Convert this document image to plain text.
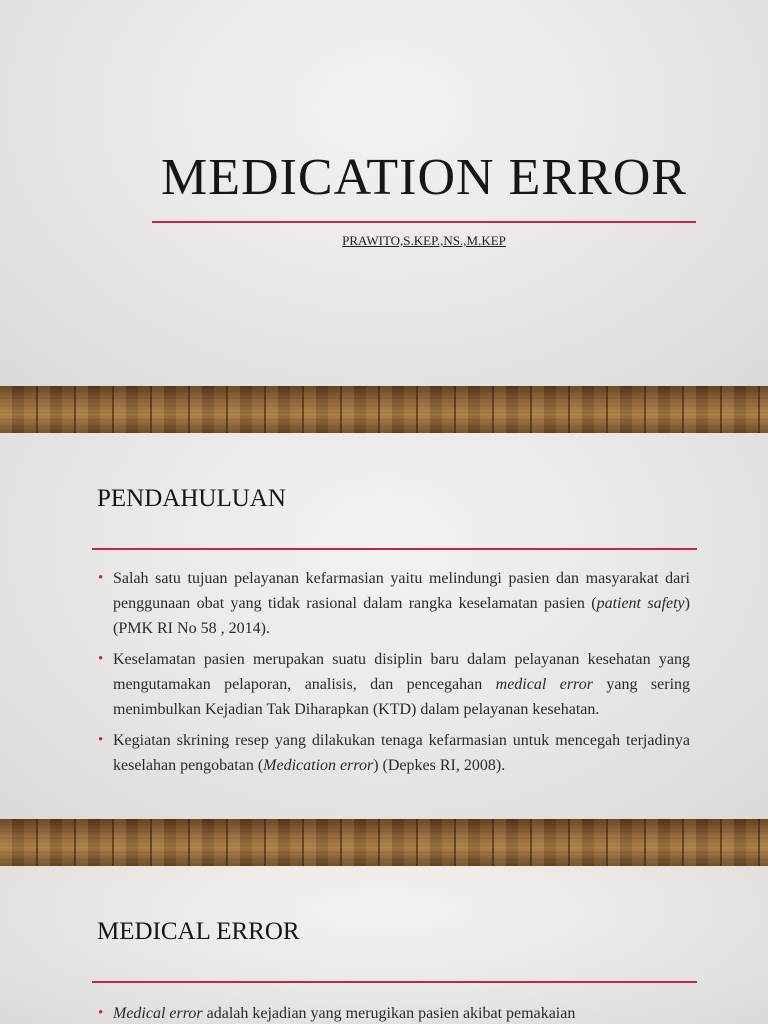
MEDICATION ERROR
PRAWITO,S.KEP.,NS.,M.KEP
PENDAHULUAN
• Salah satu tujuan pelayanan kefarmasian yaitu melindungi pasien dan masyarakat dari penggunaan obat yang tidak rasional dalam rangka keselamatan pasien (patient safety) (PMK RI No 58 , 2014).
• Keselamatan pasien merupakan suatu disiplin baru dalam pelayanan kesehatan yang mengutamakan pelaporan, analisis, dan pencegahan medical error yang sering menimbulkan Kejadian Tak Diharapkan (KTD) dalam pelayanan kesehatan.
• Kegiatan skrining resep yang dilakukan tenaga kefarmasian untuk mencegah terjadinya keselahan pengobatan (Medication error) (Depkes RI, 2008).
MEDICAL ERROR
• Medical error adalah kejadian yang merugikan pasien akibat pemakaian
